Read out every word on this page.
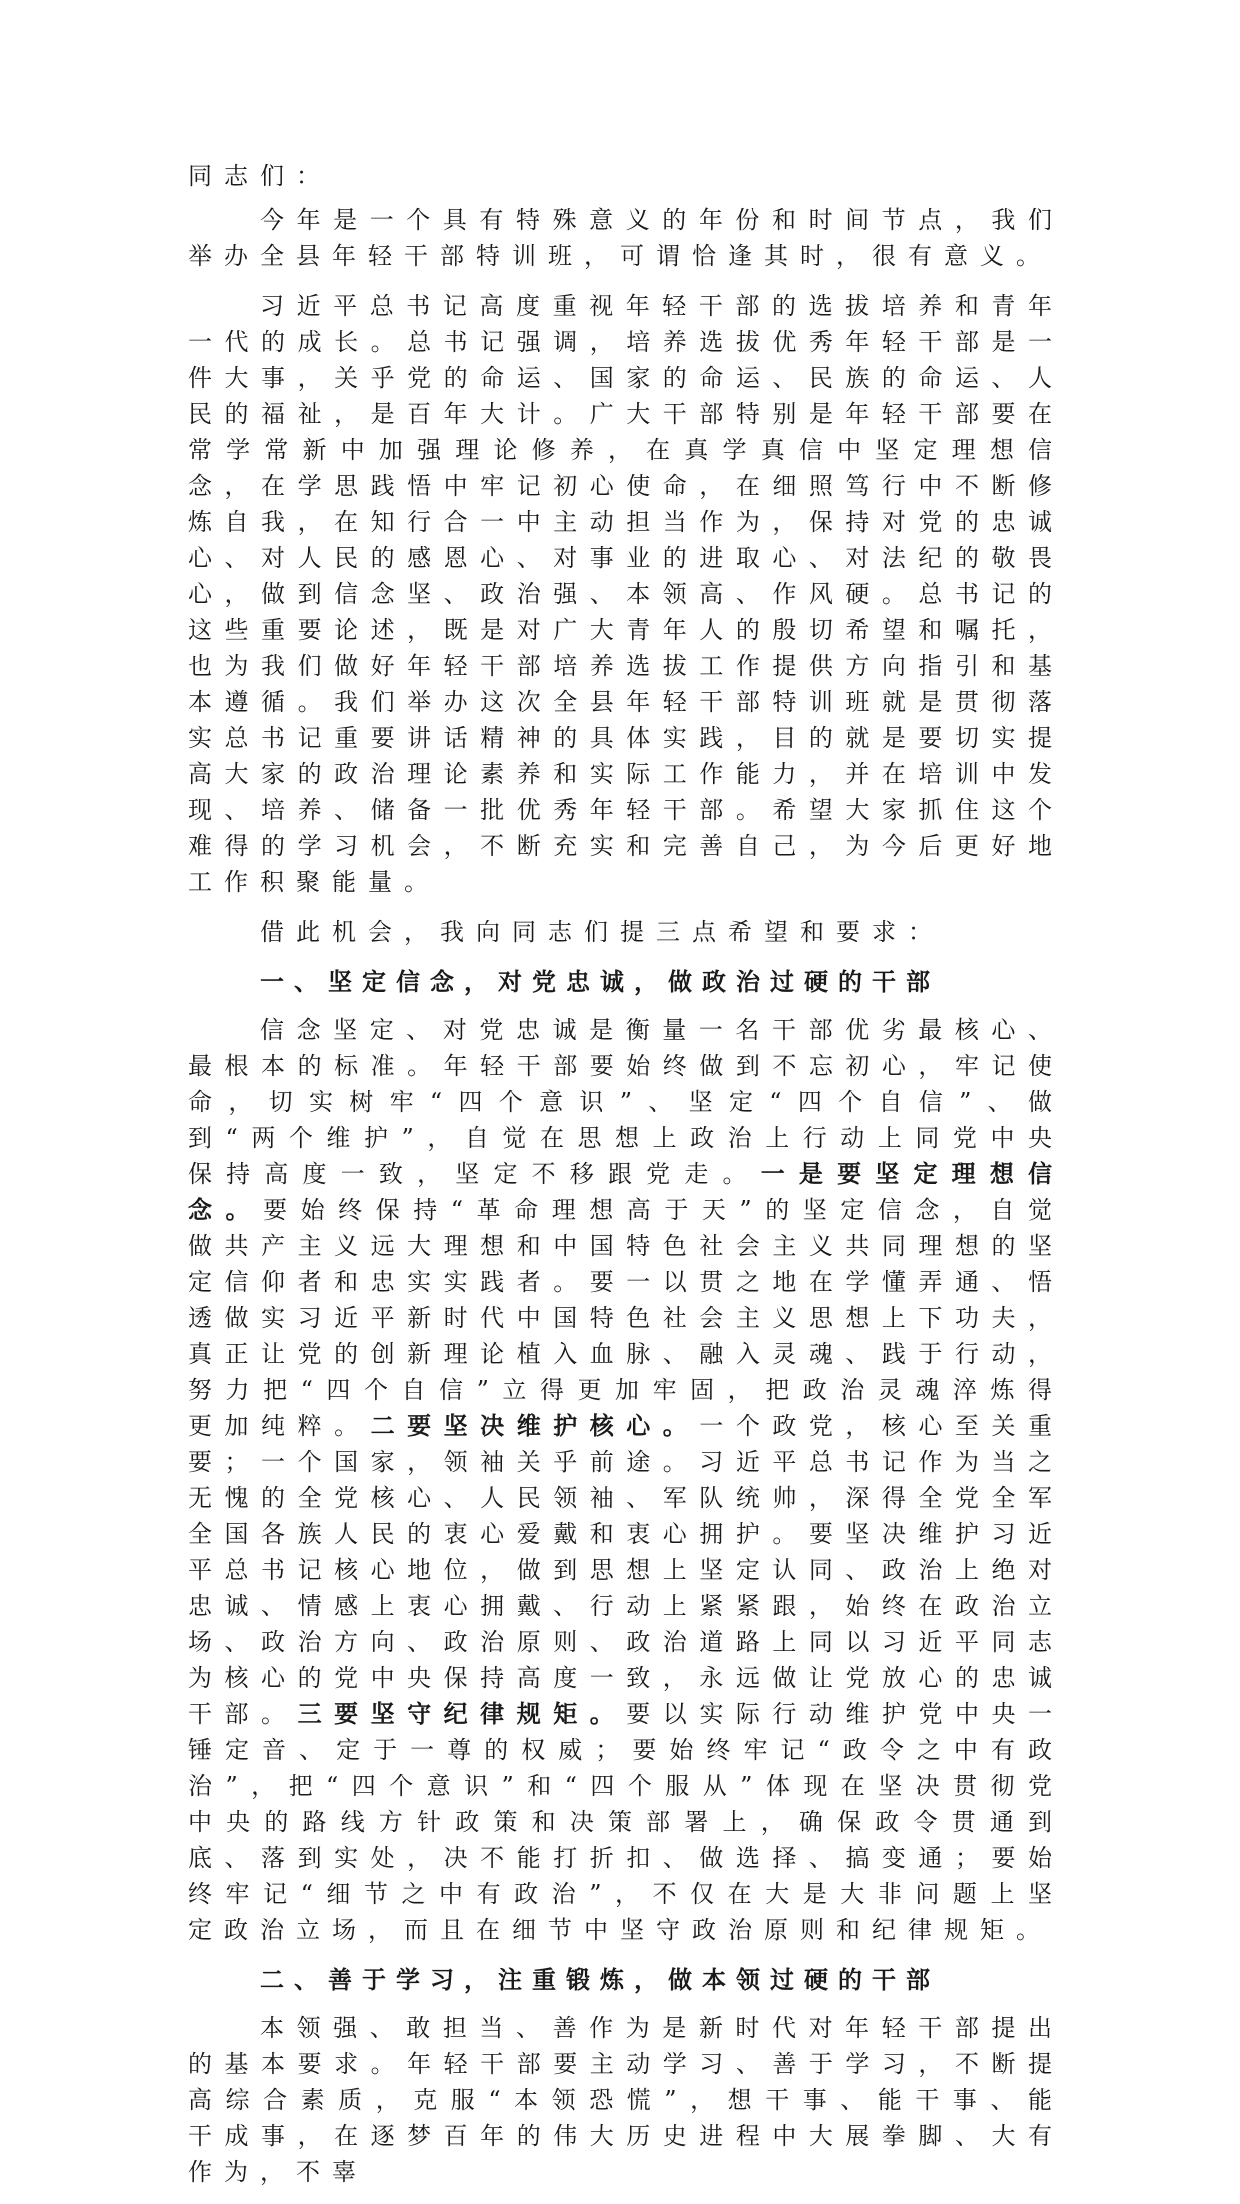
同志们：

今年是一个具有特殊意义的年份和时间节点，我们举办全县年轻干部特训班，可谓恰逢其时，很有意义。

习近平总书记高度重视年轻干部的选拔培养和青年一代的成长。总书记强调，培养选拔优秀年轻干部是一件大事，关乎党的命运、国家的命运、民族的命运、人民的福祉，是百年大计。广大干部特别是年轻干部要在常学常新中加强理论修养，在真学真信中坚定理想信念，在学思践悟中牢记初心使命，在细照笃行中不断修炼自我，在知行合一中主动担当作为，保持对党的忠诚心、对人民的感恩心、对事业的进取心、对法纪的敬畏心，做到信念坚、政治强、本领高、作风硬。总书记的这些重要论述，既是对广大青年人的殷切希望和嘱托，也为我们做好年轻干部培养选拔工作提供方向指引和基本遵循。我们举办这次全县年轻干部特训班就是贯彻落实总书记重要讲话精神的具体实践，目的就是要切实提高大家的政治理论素养和实际工作能力，并在培训中发现、培养、储备一批优秀年轻干部。希望大家抓住这个难得的学习机会，不断充实和完善自己，为今后更好地工作积聚能量。

借此机会，我向同志们提三点希望和要求：

一、坚定信念，对党忠诚，做政治过硬的干部

信念坚定、对党忠诚是衡量一名干部优劣最核心、最根本的标准。年轻干部要始终做到不忘初心，牢记使命，切实树牢“四个意识”、坚定“四个自信”、做到“两个维护”，自觉在思想上政治上行动上同党中央保持高度一致，坚定不移跟党走。一是要坚定理想信念。要始终保持“革命理想高于天”的坚定信念，自觉做共产主义远大理想和中国特色社会主义共同理想的坚定信仰者和忠实实践者。要一以贯之地在学懂弄通、悟透做实习近平新时代中国特色社会主义思想上下功夫，真正让党的创新理论植入血脉、融入灵魂、践于行动，努力把“四个自信”立得更加牢固，把政治灵魂淬炼得更加纯粹。二要坚决维护核心。一个政党，核心至关重要；一个国家，领袖关乎前途。习近平总书记作为当之无愧的全党核心、人民领袖、军队统帅，深得全党全军全国各族人民的衷心爱戴和衷心拥护。要坚决维护习近平总书记核心地位，做到思想上坚定认同、政治上绝对忠诚、情感上衷心拥戴、行动上紧紧跟，始终在政治立场、政治方向、政治原则、政治道路上同以习近平同志为核心的党中央保持高度一致，永远做让党放心的忠诚干部。三要坚守纪律规矩。要以实际行动维护党中央一锤定音、定于一尊的权威；要始终牢记“政令之中有政治”，把“四个意识”和“四个服从”体现在坚决贯彻党中央的路线方针政策和决策部署上，确保政令贯通到底、落到实处，决不能打折扣、做选择、搞变通；要始终牢记“细节之中有政治”，不仅在大是大非问题上坚定政治立场，而且在细节中坚守政治原则和纪律规矩。

二、善于学习，注重锻炼，做本领过硬的干部

本领强、敢担当、善作为是新时代对年轻干部提出的基本要求。年轻干部要主动学习、善于学习，不断提高综合素质，克服“本领恐慌”，想干事、能干事、能干成事，在逐梦百年的伟大历史进程中大展拳脚、大有作为，不辜
